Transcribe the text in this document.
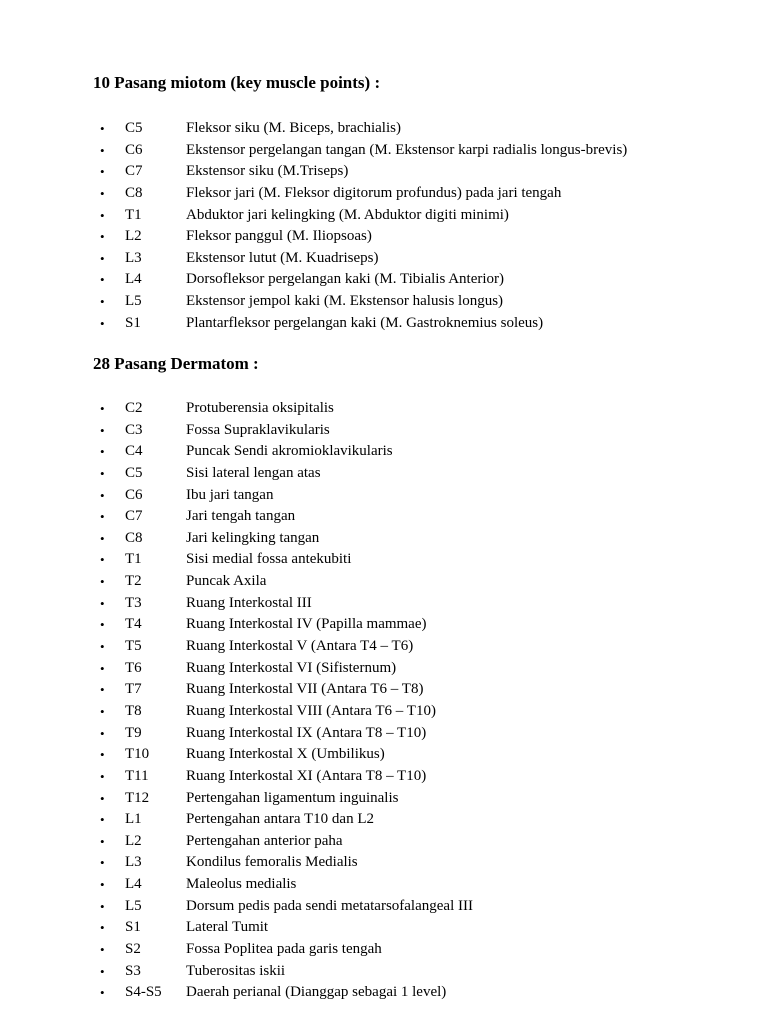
10 Pasang miotom (key muscle points) :
• C5	Fleksor siku (M. Biceps, brachialis)
• C6	Ekstensor pergelangan tangan (M. Ekstensor karpi radialis longus-brevis)
• C7	Ekstensor siku (M.Triseps)
• C8	Fleksor jari (M. Fleksor digitorum profundus) pada jari tengah
• T1	Abduktor jari kelingking (M. Abduktor digiti minimi)
• L2	Fleksor panggul (M. Iliopsoas)
• L3	Ekstensor lutut (M. Kuadriseps)
• L4	Dorsofleksor pergelangan kaki (M. Tibialis Anterior)
• L5	Ekstensor jempol kaki (M. Ekstensor halusis longus)
• S1	Plantarfleksor pergelangan kaki (M. Gastroknemius soleus)
28 Pasang Dermatom :
• C2	Protuberensia oksipitalis
• C3	Fossa Supraklavikularis
• C4	Puncak Sendi akromioklavikularis
• C5	Sisi lateral lengan atas
• C6	Ibu jari tangan
• C7	Jari tengah tangan
• C8	Jari kelingking tangan
• T1	Sisi medial fossa antekubiti
• T2	Puncak Axila
• T3	Ruang Interkostal III
• T4	Ruang Interkostal IV (Papilla mammae)
• T5	Ruang Interkostal V (Antara T4 – T6)
• T6	Ruang Interkostal VI (Sifisternum)
• T7	Ruang Interkostal VII (Antara T6 – T8)
• T8	Ruang Interkostal VIII (Antara T6 – T10)
• T9	Ruang Interkostal IX (Antara T8 – T10)
• T10 Ruang Interkostal X (Umbilikus)
• T11 Ruang Interkostal XI (Antara T8 – T10)
• T12 Pertengahan ligamentum inguinalis
• L1	Pertengahan antara T10 dan L2
• L2	Pertengahan anterior paha
• L3	Kondilus femoralis Medialis
• L4	Maleolus medialis
• L5	Dorsum pedis pada sendi metatarsofalangeal III
• S1	Lateral Tumit
• S2	Fossa Poplitea pada garis tengah
• S3	Tuberositas iskii
• S4-S5 Daerah perianal (Dianggap sebagai 1 level)
